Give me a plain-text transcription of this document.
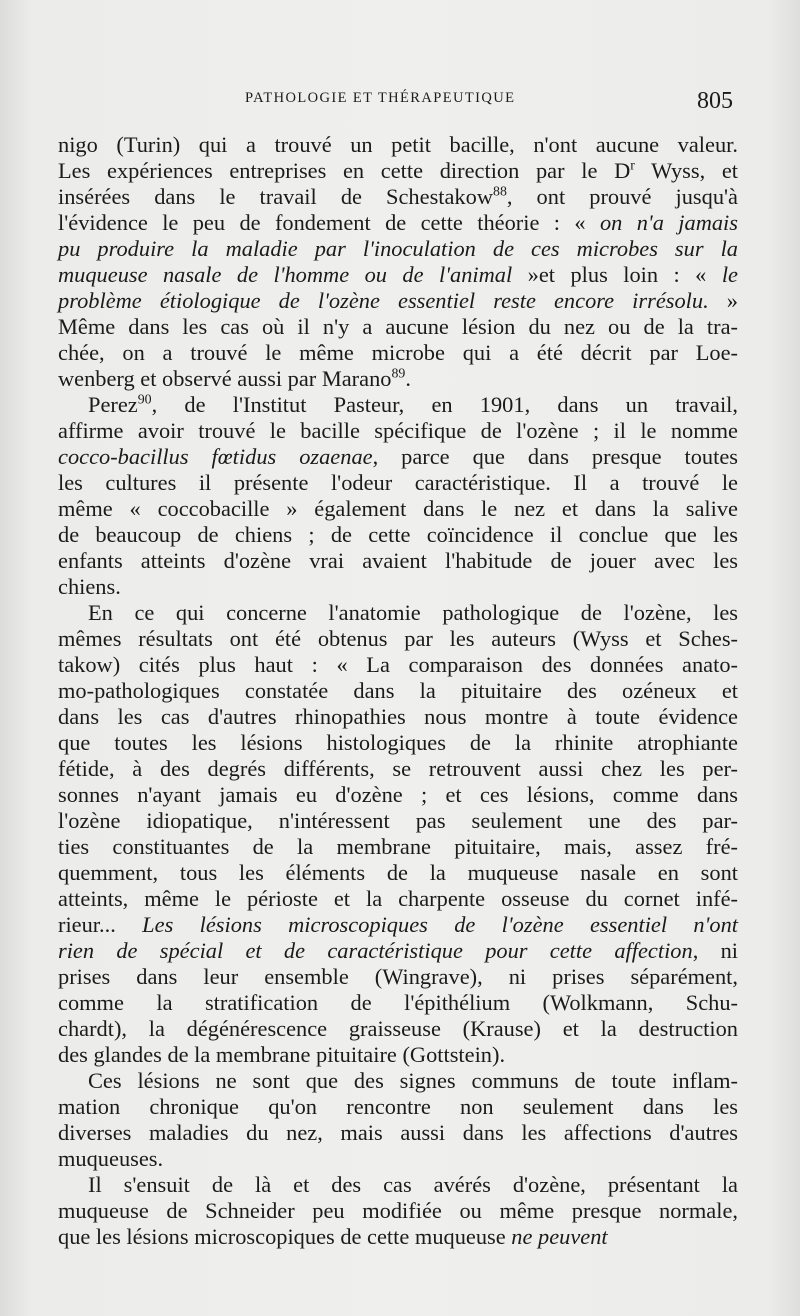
PATHOLOGIE ET THÉRAPEUTIQUE	805

nigo (Turin) qui a trouvé un petit bacille, n'ont aucune valeur.
Les expériences entreprises en cette direction par le $D^r$ Wyss, et
insérées dans le travail de Schestakow$^{88}$, ont prouvé jusqu'à
l'évidence le peu de fondement de cette théorie : « on n'a jamais
pu produire la maladie par l'inoculation de ces microbes sur la
muqueuse nasale de l'homme ou de l'animal »et plus loin : « le
problème étiologique de l'ozène essentiel reste encore irrésolu. »
Même dans les cas où il n'y a aucune lésion du nez ou de la tra-
chée, on a trouvé le même microbe qui a été décrit par Loe-
wenberg et observé aussi par Marano$^{89}$.

Perez$^{90}$, de l'Institut Pasteur, en 1901, dans un travail,
affirme avoir trouvé le bacille spécifique de l'ozène ; il le nomme
cocco-bacillus fœtidus ozaenae, parce que dans presque toutes
les cultures il présente l'odeur caractéristique. Il a trouvé le
même « coccobacille » également dans le nez et dans la salive
de beaucoup de chiens ; de cette coïncidence il conclue que les
enfants atteints d'ozène vrai avaient l'habitude de jouer avec les
chiens.

En ce qui concerne l'anatomie pathologique de l'ozène, les
mêmes résultats ont été obtenus par les auteurs (Wyss et Sches-
takow) cités plus haut : « La comparaison des données anato-
mo-pathologiques constatée dans la pituitaire des ozéneux et
dans les cas d'autres rhinopathies nous montre à toute évidence
que toutes les lésions histologiques de la rhinite atrophiante
fétide, à des degrés différents, se retrouvent aussi chez les per-
sonnes n'ayant jamais eu d'ozène ; et ces lésions, comme dans
l'ozène idiopatique, n'intéressent pas seulement une des par-
ties constituantes de la membrane pituitaire, mais, assez fré-
quemment, tous les éléments de la muqueuse nasale en sont
atteints, même le périoste et la charpente osseuse du cornet infé-
rieur... Les lésions microscopiques de l'ozène essentiel n'ont
rien de spécial et de caractéristique pour cette affection, ni
prises dans leur ensemble (Wingrave), ni prises séparément,
comme la stratification de l'épithélium (Wolkmann, Schu-
chardt), la dégénérescence graisseuse (Krause) et la destruction
des glandes de la membrane pituitaire (Gottstein).

Ces lésions ne sont que des signes communs de toute inflam-
mation chronique qu'on rencontre non seulement dans les
diverses maladies du nez, mais aussi dans les affections d'autres
muqueuses.

Il s'ensuit de là et des cas avérés d'ozène, présentant la
muqueuse de Schneider peu modifiée ou même presque normale,
que les lésions microscopiques de cette muqueuse ne peuvent
